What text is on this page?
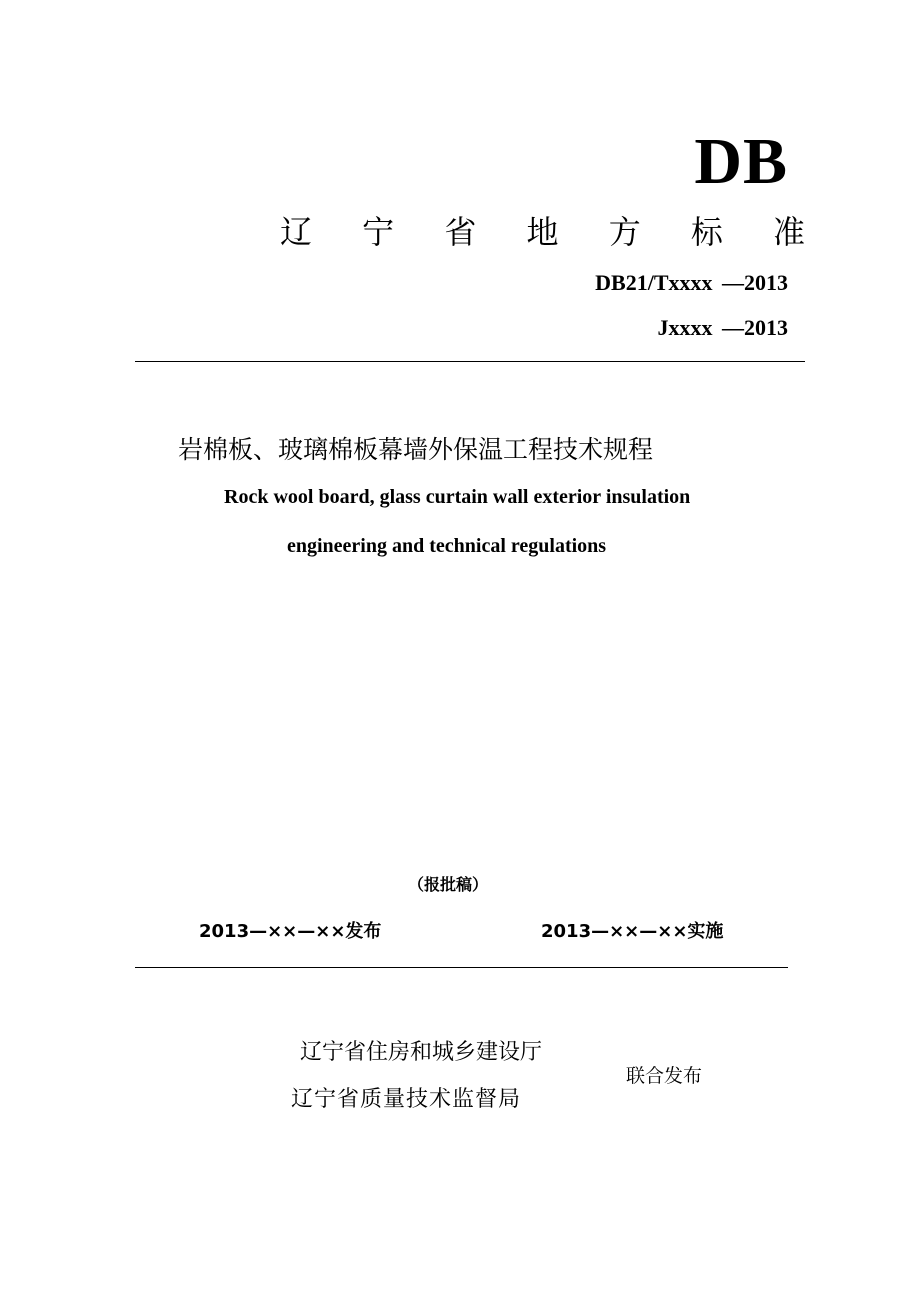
DB
辽 宁 省 地 方 标 准
DB21/Txxxx —2013
Jxxxx —2013
岩棉板、玻璃棉板幕墙外保温工程技术规程
Rock wool board, glass curtain wall exterior insulation
engineering and technical regulations
（报批稿）
2013—××—××发布	2013—××—××实施
辽宁省住房和城乡建设厅
辽宁省质量技术监督局
联合发布
